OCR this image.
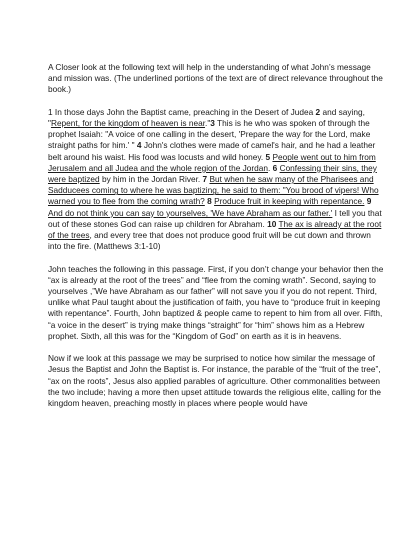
A Closer look at the following text will help in the understanding of what John’s message and mission was. (The underlined portions of the text are of direct relevance throughout the book.)

1 In those days John the Baptist came, preaching in the Desert of Judea 2 and saying, "Repent, for the kingdom of heaven is near."3 This is he who was spoken of through the prophet Isaiah: "A voice of one calling in the desert, 'Prepare the way for the Lord, make straight paths for him.' " 4 John's clothes were made of camel's hair, and he had a leather belt around his waist. His food was locusts and wild honey. 5 People went out to him from Jerusalem and all Judea and the whole region of the Jordan. 6 Confessing their sins, they were baptized by him in the Jordan River. 7 But when he saw many of the Pharisees and Sadducees coming to where he was baptizing, he said to them: "You brood of vipers! Who warned you to flee from the coming wrath? 8 Produce fruit in keeping with repentance. 9 And do not think you can say to yourselves, 'We have Abraham as our father.' I tell you that out of these stones God can raise up children for Abraham. 10 The ax is already at the root of the trees, and every tree that does not produce good fruit will be cut down and thrown into the fire. (Matthews 3:1-10)

John teaches the following in this passage. First, if you don’t change your behavior then the “ax is already at the root of the trees” and “flee from the coming wrath”. Second, saying to yourselves ,”We have Abraham as our father” will not save you if you do not repent. Third, unlike what Paul taught about the justification of faith, you have to “produce fruit in keeping with repentance”. Fourth, John baptized & people came to repent to him from all over. Fifth, “a voice in the desert” is trying make things “straight” for “him” shows him as a Hebrew prophet. Sixth, all this was for the “Kingdom of God” on earth as it is in heavens.

Now if we look at this passage we may be surprised to notice how similar the message of Jesus the Baptist and John the Baptist is. For instance, the parable of the “fruit of the tree”, “ax on the roots”, Jesus also applied parables of agriculture. Other commonalities between the two include; having a more then upset attitude towards the religious elite, calling for the kingdom heaven, preaching mostly in places where people would have
